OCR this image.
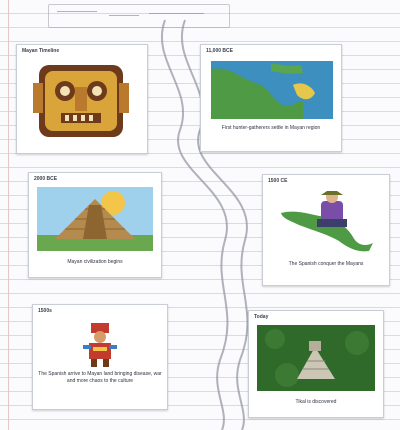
Mayan Timeline	11,000 BCE
First hunter-gatherers settle in Mayan region
2000 BCE
Mayan civilization begins
1500 CE
The Spanish conquer the Mayans
1500s
The Spanish arrive to Mayan land bringing disease, war and more chaos to the culture
Today
Tikal is discovered
